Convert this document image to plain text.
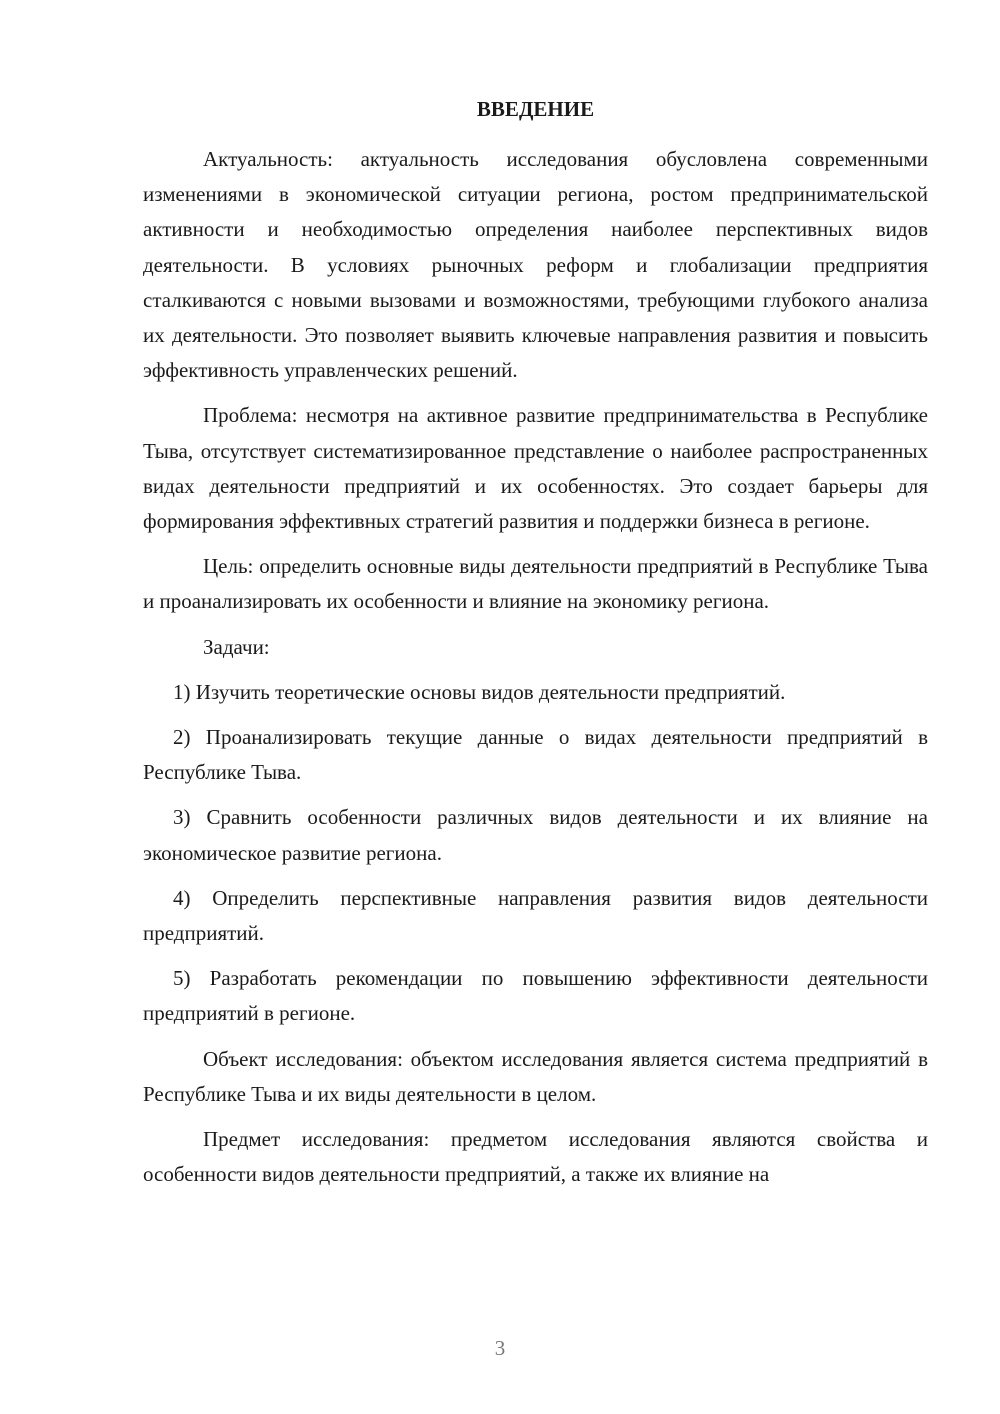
ВВЕДЕНИЕ
Актуальность: актуальность исследования обусловлена современными изменениями в экономической ситуации региона, ростом предпринимательской активности и необходимостью определения наиболее перспективных видов деятельности. В условиях рыночных реформ и глобализации предприятия сталкиваются с новыми вызовами и возможностями, требующими глубокого анализа их деятельности. Это позволяет выявить ключевые направления развития и повысить эффективность управленческих решений.
Проблема: несмотря на активное развитие предпринимательства в Республике Тыва, отсутствует систематизированное представление о наиболее распространенных видах деятельности предприятий и их особенностях. Это создает барьеры для формирования эффективных стратегий развития и поддержки бизнеса в регионе.
Цель: определить основные виды деятельности предприятий в Республике Тыва и проанализировать их особенности и влияние на экономику региона.
Задачи:
1) Изучить теоретические основы видов деятельности предприятий.
2) Проанализировать текущие данные о видах деятельности предприятий в Республике Тыва.
3) Сравнить особенности различных видов деятельности и их влияние на экономическое развитие региона.
4) Определить перспективные направления развития видов деятельности предприятий.
5) Разработать рекомендации по повышению эффективности деятельности предприятий в регионе.
Объект исследования: объектом исследования является система предприятий в Республике Тыва и их виды деятельности в целом.
Предмет исследования: предметом исследования являются свойства и особенности видов деятельности предприятий, а также их влияние на
3
